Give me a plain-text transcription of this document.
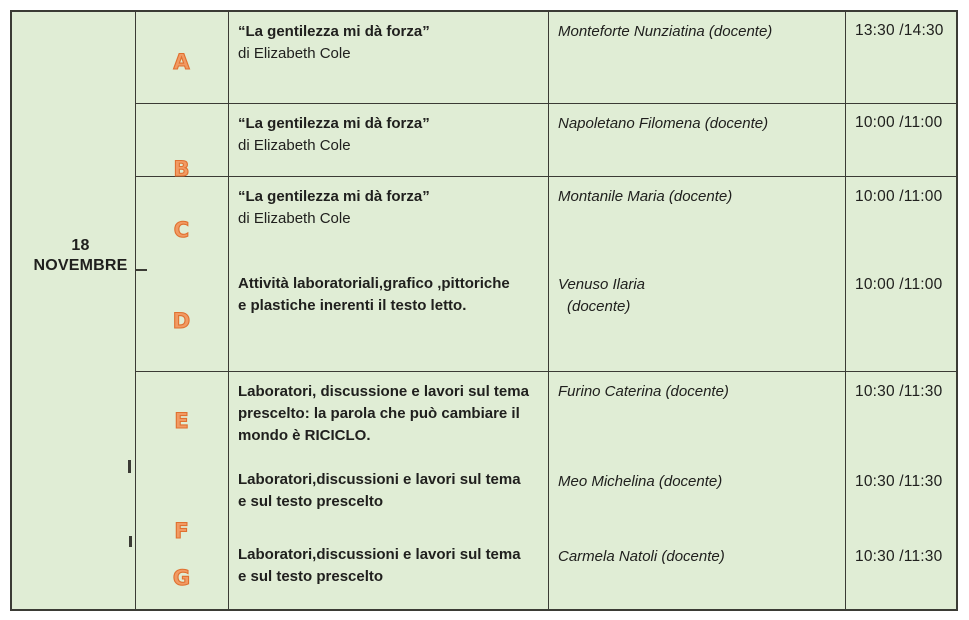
18
NOVEMBRE
A
“La gentilezza mi dà forza”
di Elizabeth Cole
Monteforte Nunziatina (docente)	13:30 /14:30
B
“La gentilezza mi dà forza”
di Elizabeth Cole
Napoletano Filomena (docente)	10:00 /11:00
C
D
“La gentilezza mi dà forza”
di Elizabeth Cole
Attività laboratoriali,grafico ,pittoriche
e plastiche inerenti il testo letto.
Montanile Maria (docente)
Venuso Ilaria
(docente)
10:00 /11:00
10:00 /11:00
E
F
G
Laboratori, discussione e lavori sul tema
prescelto: la parola che può cambiare il
mondo è RICICLO.
Laboratori,discussioni e lavori sul tema
e sul testo prescelto
Laboratori,discussioni e lavori sul tema
e sul testo prescelto
Furino Caterina (docente)
Meo Michelina (docente)
Carmela Natoli (docente)
10:30 /11:30
10:30 /11:30
10:30 /11:30
